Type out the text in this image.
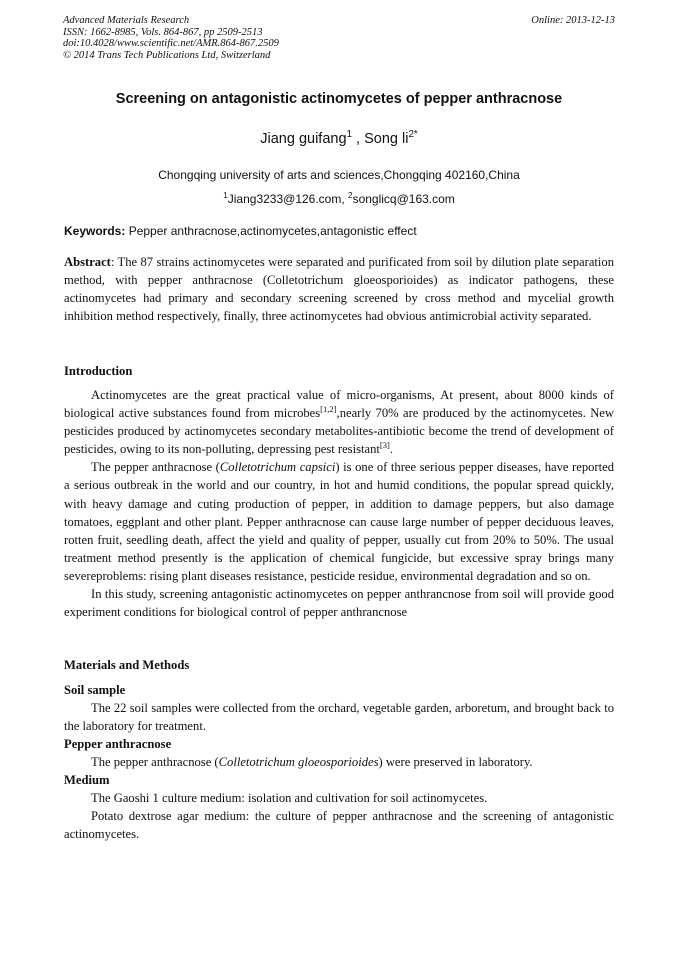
Advanced Materials Research
ISSN: 1662-8985, Vols. 864-867, pp 2509-2513
doi:10.4028/www.scientific.net/AMR.864-867.2509
© 2014 Trans Tech Publications Ltd, Switzerland
Online: 2013-12-13
Screening on antagonistic actinomycetes of pepper anthracnose
Jiang guifang$^1$ , Song $li^{2*}$
Chongqing university of arts and sciences,Chongqing 402160,China
$^1$Jiang3233@126.com, $^2$songlicq@163.com
Keywords: Pepper anthracnose,actinomycetes,antagonistic effect
Abstract: The 87 strains actinomycetes were separated and purificated from soil by dilution plate separation method, with pepper anthracnose (Colletotrichum gloeosporioides) as indicator pathogens, these actinomycetes had primary and secondary screening screened by cross method and mycelial growth inhibition method respectively, finally, three actinomycetes had obvious antimicrobial activity separated.
Introduction

Actinomycetes are the great practical value of micro-organisms, At present, about 8000 kinds of biological active substances found from microbes[1,2],nearly 70% are produced by the actinomycetes. New pesticides produced by actinomycetes secondary metabolites-antibiotic become the trend of development of pesticides, owing to its non-polluting, depressing pest resistant[3].

The pepper anthracnose (Colletotrichum capsici) is one of three serious pepper diseases, have reported a serious outbreak in the world and our country, in hot and humid conditions, the popular spread quickly, with heavy damage and cuting production of pepper, in addition to damage peppers, but also damage tomatoes, eggplant and other plant. Pepper anthracnose can cause large number of pepper deciduous leaves, rotten fruit, seedling death, affect the yield and quality of pepper, usually cut from 20% to 50%. The usual treatment method presently is the application of chemical fungicide, but excessive spray brings many severeproblems: rising plant diseases resistance, pesticide residue, environmental degradation and so on.

In this study, screening antagonistic actinomycetes on pepper anthrancnose from soil will provide good experiment conditions for biological control of pepper anthrancnose

Materials and Methods
Soil sample

The 22 soil samples were collected from the orchard, vegetable garden, arboretum, and brought back to the laboratory for treatment.

Pepper anthracnose

The pepper anthracnose (Colletotrichum gloeosporioides) were preserved in laboratory.

Medium

The Gaoshi 1 culture medium: isolation and cultivation for soil actinomycetes.

Potato dextrose agar medium: the culture of pepper anthracnose and the screening of antagonistic actinomycetes.
